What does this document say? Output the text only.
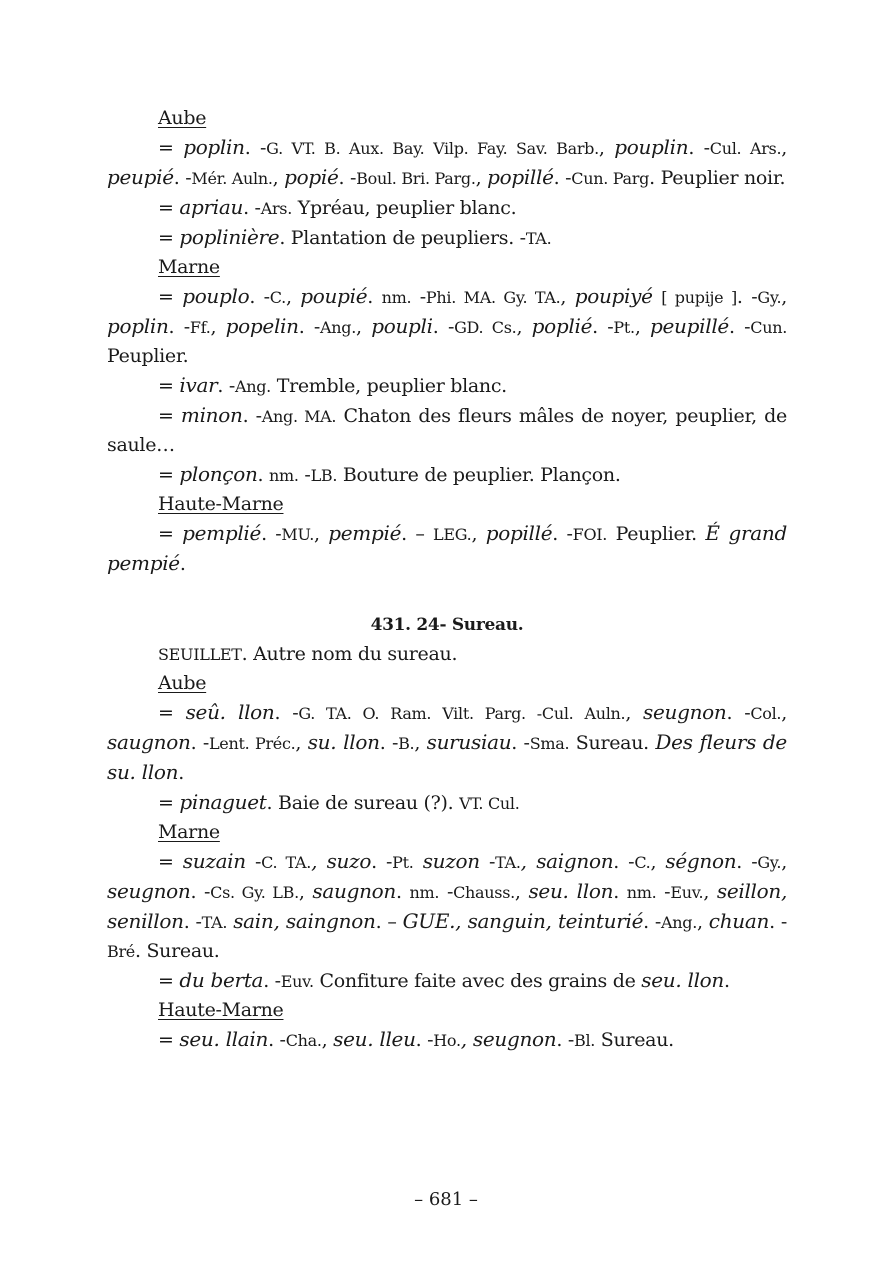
Aube

= poplin. -G. VT. B. Aux. Bay. Vilp. Fay. Sav. Barb., pouplin. -Cul. Ars., peupié. -Mér. Auln., popié. -Boul. Bri. Parg., popillé. -Cun. Parg. Peuplier noir.

= apriau. -Ars. Ypréau, peuplier blanc.

= poplinière. Plantation de peupliers. -TA.

Marne

= pouplo. -C., poupié. nm. -Phi. MA. Gy. TA., poupiyé [ pupije ]. -Gy., poplin. -Ff., popelin. -Ang., poupli. -GD. Cs., poplié. -Pt., peupillé. -Cun. Peuplier.

= ivar. -Ang. Tremble, peuplier blanc.

= minon. -Ang. MA. Chaton des fleurs mâles de noyer, peuplier, de saule…

= plonçon. nm. -LB. Bouture de peuplier. Plançon.

Haute-Marne

= pemplié. -MU., pempié. – LEG., popillé. -FOI. Peuplier. É grand pempié.

431. 24- Sureau.

SEUILLET. Autre nom du sureau.

Aube

= seû. llon. -G. TA. O. Ram. Vilt. Parg. -Cul. Auln., seugnon. -Col., saugnon. -Lent. Préc., su. llon. -B., surusiau. -Sma. Sureau. Des fleurs de su. llon.

= pinaguet. Baie de sureau (?). VT. Cul.

Marne

= suzain -C. TA., suzo. -Pt. suzon -TA., saignon. -C., ségnon. -Gy., seugnon. -Cs. Gy. LB., saugnon. nm. -Chauss., seu. llon. nm. -Euv., seillon, senillon. -TA. sain, saingnon. – GUE., sanguin, teinturié. -Ang., chuan. -Bré. Sureau.

= du berta. -Euv. Confiture faite avec des grains de seu. llon.

Haute-Marne

= seu. llain. -Cha., seu. lleu. -Ho., seugnon. -Bl. Sureau.

– 681 –
